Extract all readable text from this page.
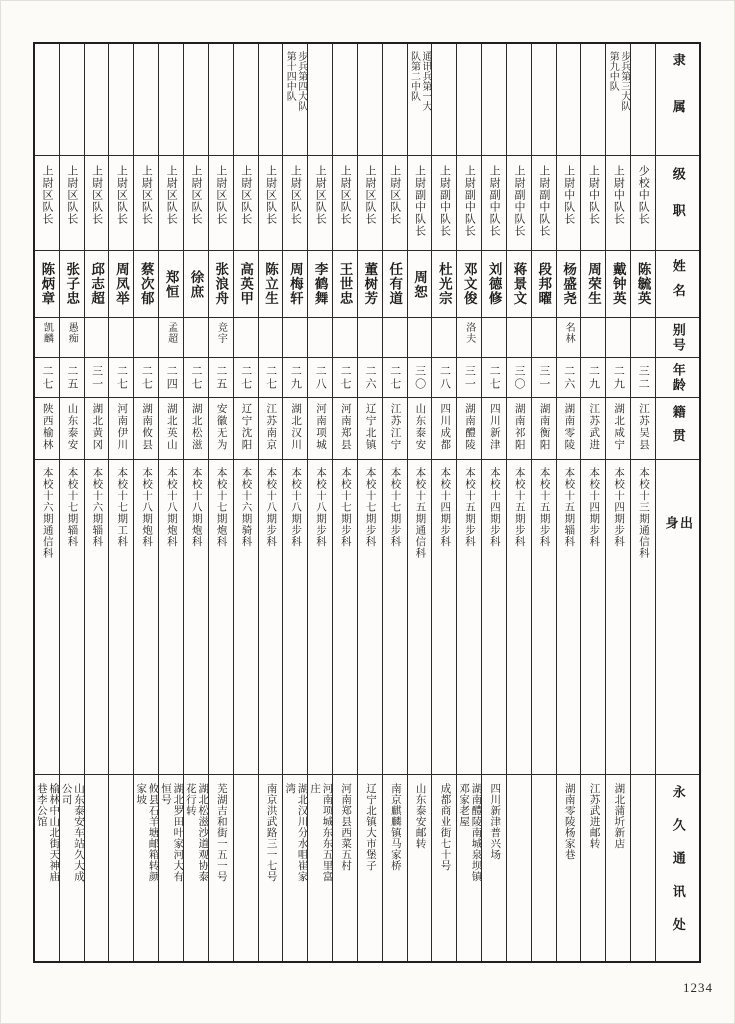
隶属
级职
姓名
别号
年龄
籍贯
出身
永久通讯处
少校中队长
陈毓英
三二
江苏吴县
本校十三期通信科
步兵第三大队第九中队
上尉中队长
戴钟英
二九
湖北咸宁
本校十四期步科
湖北蒲圻新店
上尉中队长
周荣生
二九
江苏武进
本校十四期步科
江苏武进邮转
上尉中队长
杨盛尧
名林
二六
湖南零陵
本校十五期辎科
湖南零陵杨家巷
上尉副中队长
段邦曜
三一
湖南衡阳
本校十五期步科
上尉副中队长
蒋景文
三〇
湖南祁阳
本校十五期步科
上尉副中队长
刘德修
二七
四川新津
本校十四期步科
四川新津普兴场
上尉副中队长
邓文俊
洛夫
三一
湖南醴陵
本校十五期步科
湖南醴陵南城泉坝镇邓家老屋
上尉副中队长
杜光宗
二八
四川成都
本校十四期步科
成都商业街七十号
通讯兵第一大队第二中队
上尉副中队长
周恕
三〇
山东泰安
本校十五期通信科
山东泰安邮转
上尉区队长
任有道
二七
江苏江宁
本校十七期步科
南京麒麟镇马家桥
上尉区队长
董树芳
二六
辽宁北镇
本校十七期步科
辽宁北镇大市堡子
上尉区队长
王世忠
二七
河南郑县
本校十七期步科
河南郑县西菜五村
上尉区队长
李鹤舞
二八
河南项城
本校十八期步科
河南项城东东五里富庄
步兵第四大队第十四中队
上尉区队长
周梅轩
二九
湖北汉川
本校十八期步科
湖北汉川分水咀崔家湾
上尉区队长
陈立生
二七
江苏南京
本校十八期步科
南京洪武路三一七号
上尉区队长
高英甲
二七
辽宁沈阳
本校十六期骑科
上尉区队长
张浪舟
竞宇
二五
安徽无为
本校十七期炮科
芜湖吉和街一五一号
上尉区队长
徐庶
二七
湖北松滋
本校十八期炮科
湖北松滋沙道观协泰花行转
上尉区队长
郑恒
孟超
二四
湖北英山
本校十八期炮科
湖北罗田叶家河大有恒号
上尉区队长
蔡次郁
二七
湖南攸县
本校十八期炮科
攸县石羊塘邮箱转颜家坡
上尉区队长
周凤举
二七
河南伊川
本校十七期工科
上尉区队长
邱志超
三一
湖北黄冈
本校十六期辎科
上尉区队长
张子忠
愚痴
二五
山东泰安
本校十七期辎科
山东泰安车站久大成公司
上尉区队长
陈炳章
凯麟
二七
陕西榆林
本校十六期通信科
榆林中山北街天神庙巷李公馆
1234
